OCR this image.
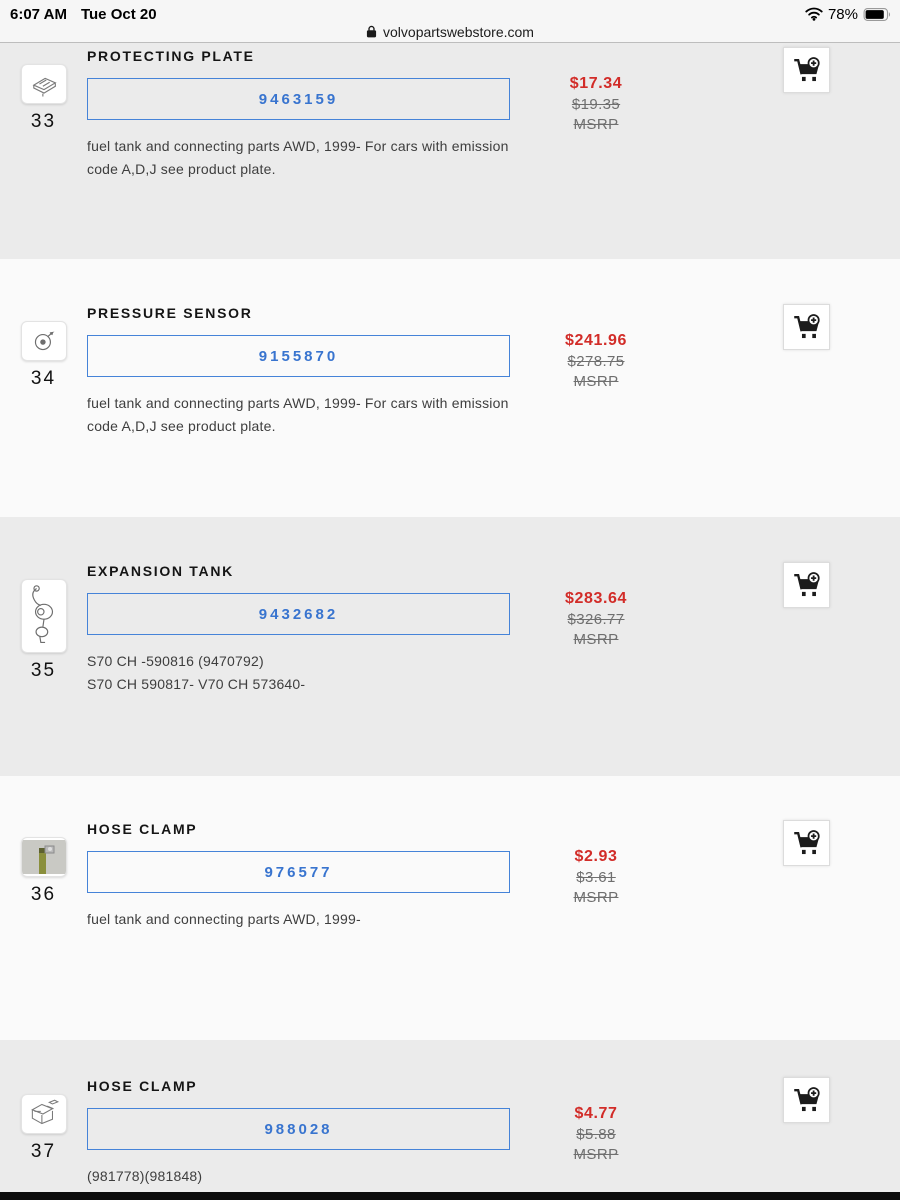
6:07 AM Tue Oct 20	78%
volvopartswebstore.com
33
PROTECTING PLATE
9463159
fuel tank and connecting parts AWD, 1999- For cars with emission code A,D,J see product plate.
$17.34
$19.35
MSRP
34
PRESSURE SENSOR
9155870
fuel tank and connecting parts AWD, 1999- For cars with emission code A,D,J see product plate.
$241.96
$278.75
MSRP
35
EXPANSION TANK
9432682
S70 CH -590816 (9470792)
S70 CH 590817- V70 CH 573640-
$283.64
$326.77
MSRP
36
HOSE CLAMP
976577
fuel tank and connecting parts AWD, 1999-
$2.93
$3.61
MSRP
37
HOSE CLAMP
988028
(981778)(981848)
$4.77
$5.88
MSRP
